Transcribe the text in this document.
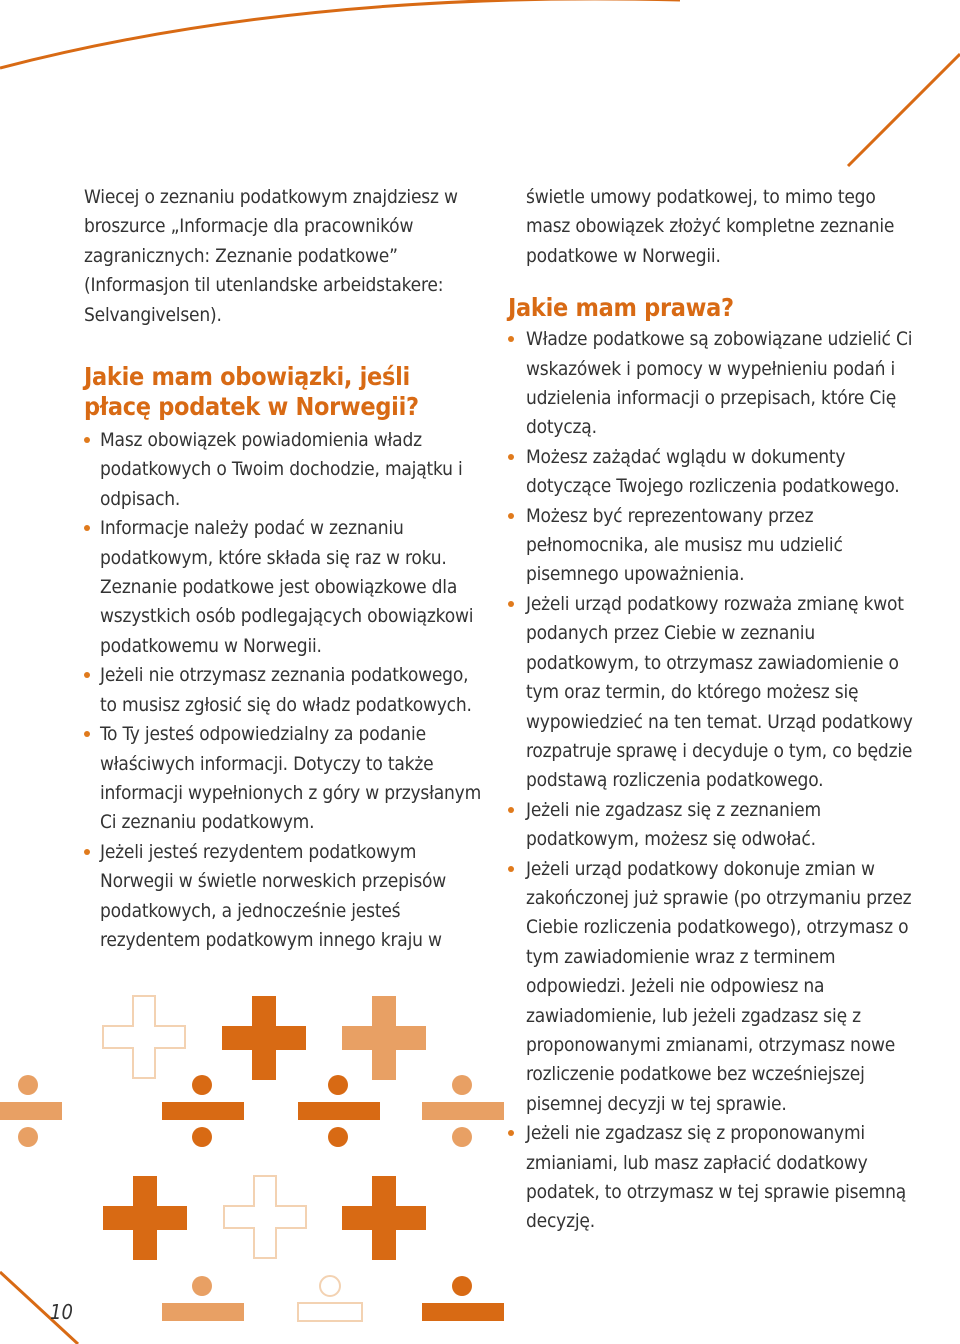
Wiecej o zeznaniu podatkowym znajdziesz w broszurce „Informacje dla pracowników zagranicznych: Zeznanie podatkowe” (Informasjon til utenlandske arbeidstakere: Selvangivelsen).

Jakie mam obowiązki, jeśli płacę podatek w Norwegii?
Masz obowiązek powiadomienia władz podatkowych o Twoim dochodzie, majątku i odpisach.
Informacje należy podać w zeznaniu podatkowym, które składa się raz w roku. Zeznanie podatkowe jest obowiązkowe dla wszystkich osób podlegających obowiązkowi podatkowemu w Norwegii.
Jeżeli nie otrzymasz zeznania podatkowego, to musisz zgłosić się do władz podatkowych.
To Ty jesteś odpowiedzialny za podanie właściwych informacji. Dotyczy to także informacji wypełnionych z góry w przysłanym Ci zeznaniu podatkowym.
Jeżeli jesteś rezydentem podatkowym Norwegii w świetle norweskich przepisów podatkowych, a jednocześnie jesteś rezydentem podatkowym innego kraju w

świetle umowy podatkowej, to mimo tego masz obowiązek złożyć kompletne zeznanie podatkowe w Norwegii.

Jakie mam prawa?
Władze podatkowe są zobowiązane udzielić Ci wskazówek i pomocy w wypełnieniu podań i udzielenia informacji o przepisach, które Cię dotyczą.
Możesz zażądać wglądu w dokumenty dotyczące Twojego rozliczenia podatkowego.
Możesz być reprezentowany przez pełnomocnika, ale musisz mu udzielić pisemnego upoważnienia.
Jeżeli urząd podatkowy rozważa zmianę kwot podanych przez Ciebie w zeznaniu podatkowym, to otrzymasz zawiadomienie o tym oraz termin, do którego możesz się wypowiedzieć na ten temat. Urząd podatkowy rozpatruje sprawę i decyduje o tym, co będzie podstawą rozliczenia podatkowego.
Jeżeli nie zgadzasz się z zeznaniem podatkowym, możesz się odwołać.
Jeżeli urząd podatkowy dokonuje zmian w zakończonej już sprawie (po otrzymaniu przez Ciebie rozliczenia podatkowego), otrzymasz o tym zawiadomienie wraz z terminem odpowiedzi. Jeżeli nie odpowiesz na zawiadomienie, lub jeżeli zgadzasz się z proponowanymi zmianami, otrzymasz nowe rozliczenie podatkowe bez wcześniejszej pisemnej decyzji w tej sprawie.
Jeżeli nie zgadzasz się z proponowanymi zmianiami, lub masz zapłacić dodatkowy podatek, to otrzymasz w tej sprawie pisemną decyzję.
10
